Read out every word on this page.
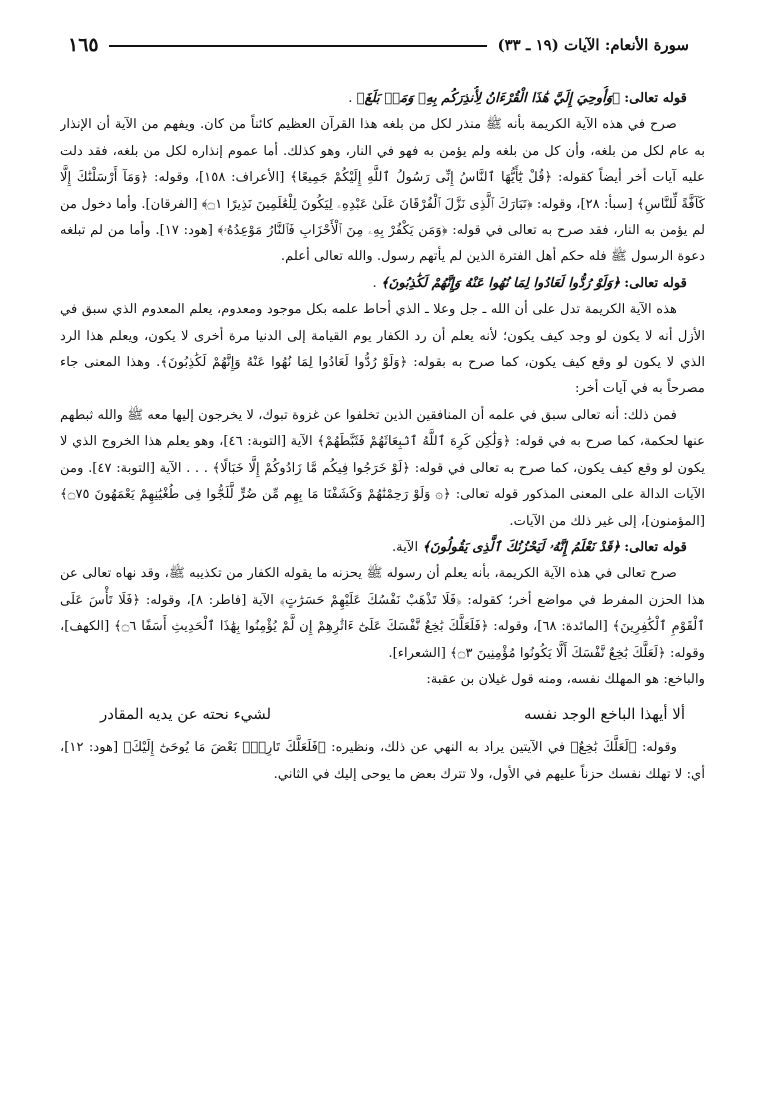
سورة الأنعام: الآيات (١٩ ـ ٣٣)
١٦٥

قوله تعالى: ﴿وَأُوحِيَ إِلَيَّ هَٰذَا الْقُرْءَانُ لِأُنذِرَكُم بِهِۦ وَمَنۢ بَلَغَ﴾ .

صرح في هذه الآية الكريمة بأنه ﷺ منذر لكل من بلغه هذا القرآن العظيم كائناً من كان. ويفهم من الآية أن الإنذار به عام لكل من بلغه، وأن كل من بلغه ولم يؤمن به فهو في النار، وهو كذلك. أما عموم إنذاره لكل من بلغه، فقد دلت عليه آيات أخر أيضاً كقوله: ﴿قُلْ يَٰٓأَيُّهَا ٱلنَّاسُ إِنِّى رَسُولُ ٱللَّهِ إِلَيْكُمْ جَمِيعًا﴾ [الأعراف: ١٥٨]، وقوله: ﴿وَمَآ أَرْسَلْنَٰكَ إِلَّا كَآفَّةً لِّلنَّاسِ﴾ [سبأ: ٢٨]، وقوله: ﴿تَبَارَكَ ٱلَّذِى نَزَّلَ ٱلْفُرْقَانَ عَلَىٰ عَبْدِهِۦ لِيَكُونَ لِلْعَٰلَمِينَ نَذِيرًا ۝١﴾ [الفرقان]. وأما دخول من لم يؤمن به النار، فقد صرح به تعالى في قوله: ﴿وَمَن يَكْفُرْ بِهِۦ مِنَ ٱلْأَحْزَابِ فَٱلنَّارُ مَوْعِدُهُۥ﴾ [هود: ١٧]. وأما من لم تبلغه دعوة الرسول ﷺ فله حكم أهل الفترة الذين لم يأتهم رسول. والله تعالى أعلم.

قوله تعالى: ﴿وَلَوْ رُدُّوا لَعَادُوا لِمَا نُهُوا عَنْهُ وَإِنَّهُمْ لَكَٰذِبُونَ﴾ .

هذه الآية الكريمة تدل على أن الله ـ جل وعلا ـ الذي أحاط علمه بكل موجود ومعدوم، يعلم المعدوم الذي سبق في الأزل أنه لا يكون لو وجد كيف يكون؛ لأنه يعلم أن رد الكفار يوم القيامة إلى الدنيا مرة أخرى لا يكون، ويعلم هذا الرد الذي لا يكون لو وقع كيف يكون، كما صرح به بقوله: ﴿وَلَوْ رُدُّوا لَعَادُوا لِمَا نُهُوا عَنْهُ وَإِنَّهُمْ لَكَٰذِبُونَ﴾. وهذا المعنى جاء مصرحاً به في آيات أخر:

فمن ذلك: أنه تعالى سبق في علمه أن المنافقين الذين تخلفوا عن غزوة تبوك، لا يخرجون إليها معه ﷺ والله ثبطهم عنها لحكمة، كما صرح به في قوله: ﴿وَلَٰكِن كَرِهَ ٱللَّهُ ٱنۢبِعَاثَهُمْ فَثَبَّطَهُمْ﴾ الآية [التوبة: ٤٦]، وهو يعلم هذا الخروج الذي لا يكون لو وقع كيف يكون، كما صرح به تعالى في قوله: ﴿لَوْ خَرَجُوا فِيكُم مَّا زَادُوكُمْ إِلَّا خَبَالًا﴾ . . . الآية [التوبة: ٤٧]. ومن الآيات الدالة على المعنى المذكور قوله تعالى: ﴿۞ وَلَوْ رَحِمْنَٰهُمْ وَكَشَفْنَا مَا بِهِم مِّن ضُرٍّ لَّلَجُّوا فِى طُغْيَٰنِهِمْ يَعْمَهُونَ ۝٧٥﴾ [المؤمنون]، إلى غير ذلك من الآيات.

قوله تعالى: ﴿قَدْ نَعْلَمُ إِنَّهُۥ لَيَحْزُنُكَ ٱلَّذِى يَقُولُونَ﴾ الآية.

صرح تعالى في هذه الآية الكريمة، بأنه يعلم أن رسوله ﷺ يحزنه ما يقوله الكفار من تكذيبه ﷺ، وقد نهاه تعالى عن هذا الحزن المفرط في مواضع أخر؛ كقوله: ﴿فَلَا تَذْهَبْ نَفْسُكَ عَلَيْهِمْ حَسَرَٰتٍ﴾ الآية [فاطر: ٨]، وقوله: ﴿فَلَا تَأْسَ عَلَى ٱلْقَوْمِ ٱلْكَٰفِرِينَ﴾ [المائدة: ٦٨]، وقوله: ﴿فَلَعَلَّكَ بَٰخِعٌ نَّفْسَكَ عَلَىٰٓ ءَاثَٰرِهِمْ إِن لَّمْ يُؤْمِنُوا بِهَٰذَا ٱلْحَدِيثِ أَسَفًا ۝٦﴾ [الكهف]، وقوله: ﴿لَعَلَّكَ بَٰخِعٌ نَّفْسَكَ أَلَّا يَكُونُوا مُؤْمِنِينَ ۝٣﴾ [الشعراء].

والباخع: هو المهلك نفسه، ومنه قول غيلان بن عقبة:

ألا أيهذا الباخع الوجد نفسه
لشيء نحته عن يديه المقادر

وقوله: ﴿لَعَلَّكَ بَٰخِعٌ﴾ في الآيتين يراد به النهي عن ذلك، ونظيره: ﴿فَلَعَلَّكَ تَارِكٌۢ بَعْضَ مَا يُوحَىٰٓ إِلَيْكَ﴾ [هود: ١٢]، أي: لا تهلك نفسك حزناً عليهم في الأول، ولا تترك بعض ما يوحى إليك في الثاني.
